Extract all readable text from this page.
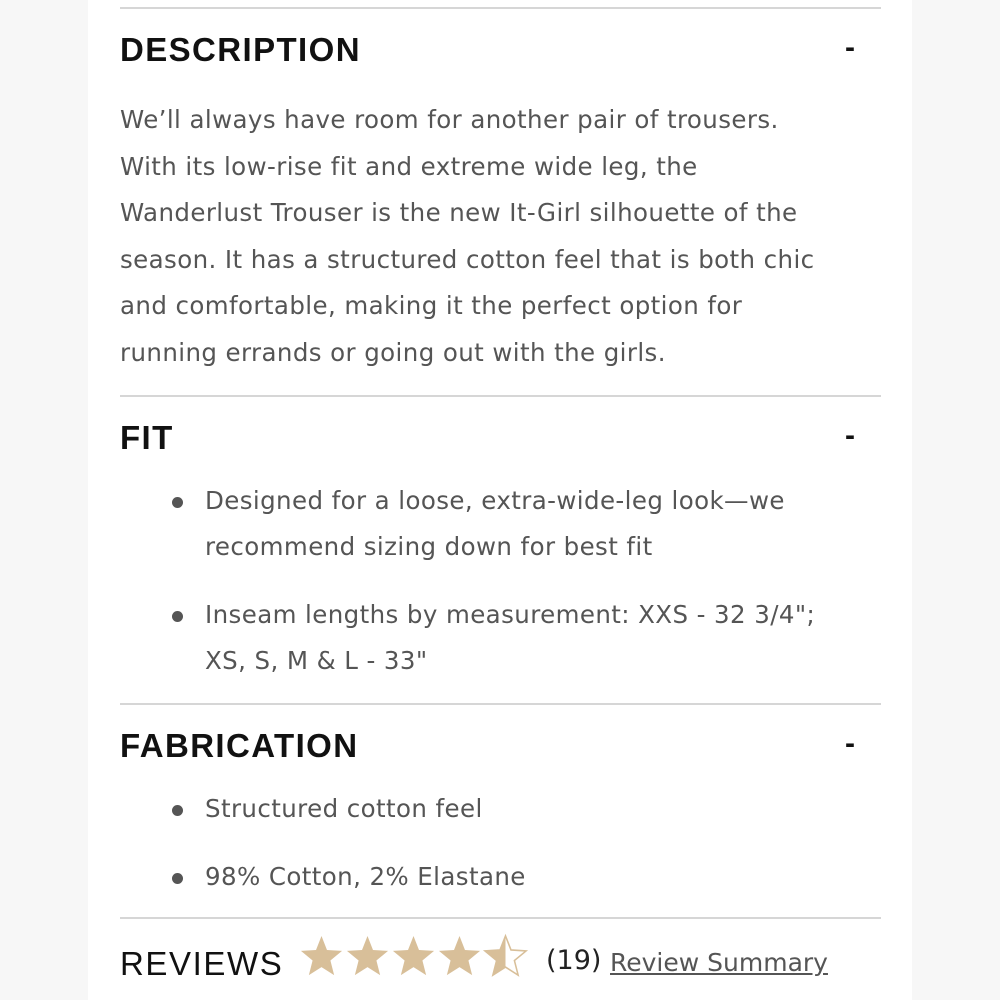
DESCRIPTION	-

We’ll always have room for another pair of trousers.
With its low-rise fit and extreme wide leg, the
Wanderlust Trouser is the new It-Girl silhouette of the
season. It has a structured cotton feel that is both chic
and comfortable, making it the perfect option for
running errands or going out with the girls.

FIT	-
Designed for a loose, extra-wide-leg look—we
recommend sizing down for best fit
Inseam lengths by measurement: XXS - 32 3/4";
XS, S, M & L - 33"
FABRICATION	-
Structured cotton feel
98% Cotton, 2% Elastane
REVIEWS	(19) Review Summary
